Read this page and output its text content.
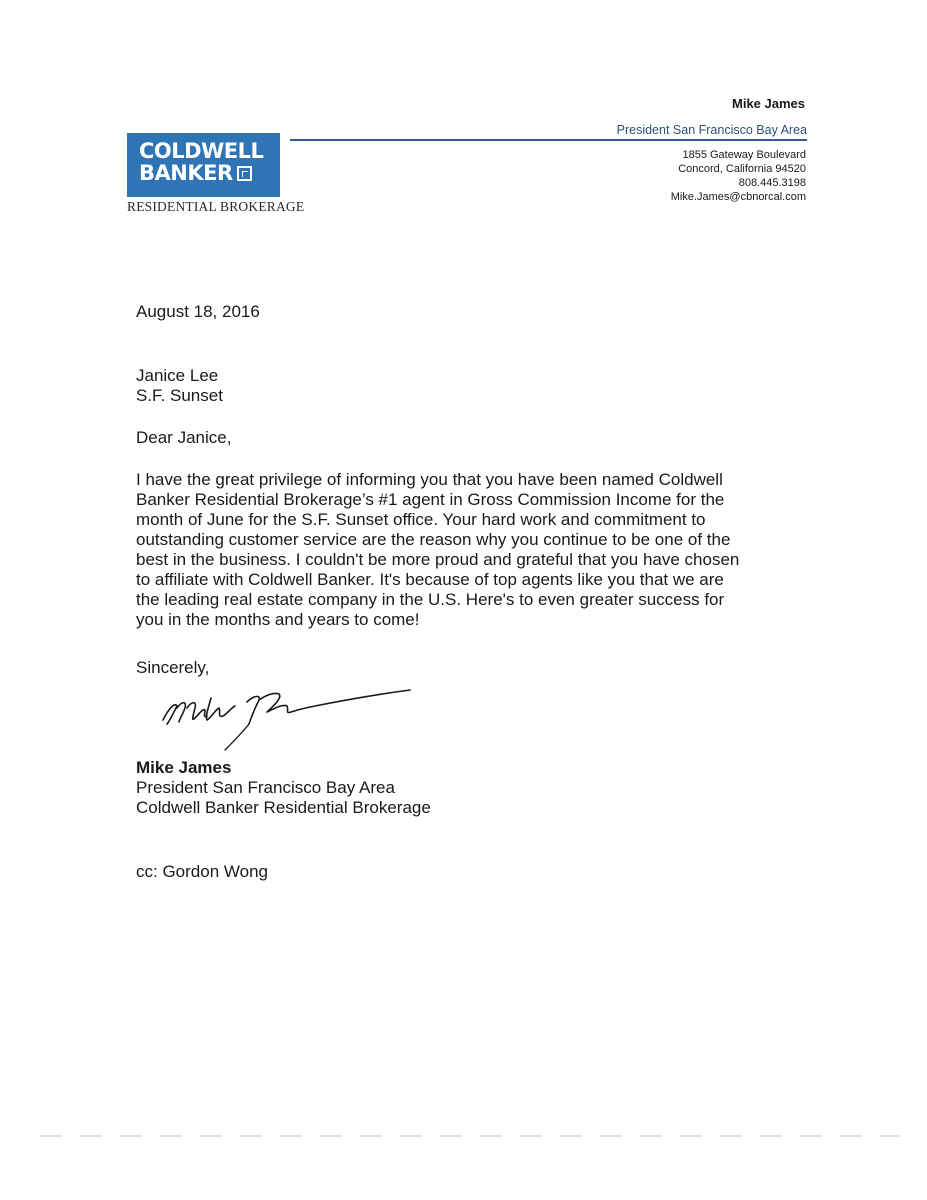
COLDWELL
BANKER
RESIDENTIAL BROKERAGE
Mike James
President San Francisco Bay Area
1855 Gateway Boulevard
Concord, California 94520
808.445.3198
Mike.James@cbnorcal.com
August 18, 2016
Janice Lee
S.F. Sunset
Dear Janice,
I have the great privilege of informing you that you have been named Coldwell
Banker Residential Brokerage’s #1 agent in Gross Commission Income for the
month of June for the S.F. Sunset office. Your hard work and commitment to
outstanding customer service are the reason why you continue to be one of the
best in the business. I couldn't be more proud and grateful that you have chosen
to affiliate with Coldwell Banker. It's because of top agents like you that we are
the leading real estate company in the U.S. Here's to even greater success for
you in the months and years to come!
Sincerely,
Mike James
President San Francisco Bay Area
Coldwell Banker Residential Brokerage
cc: Gordon Wong
